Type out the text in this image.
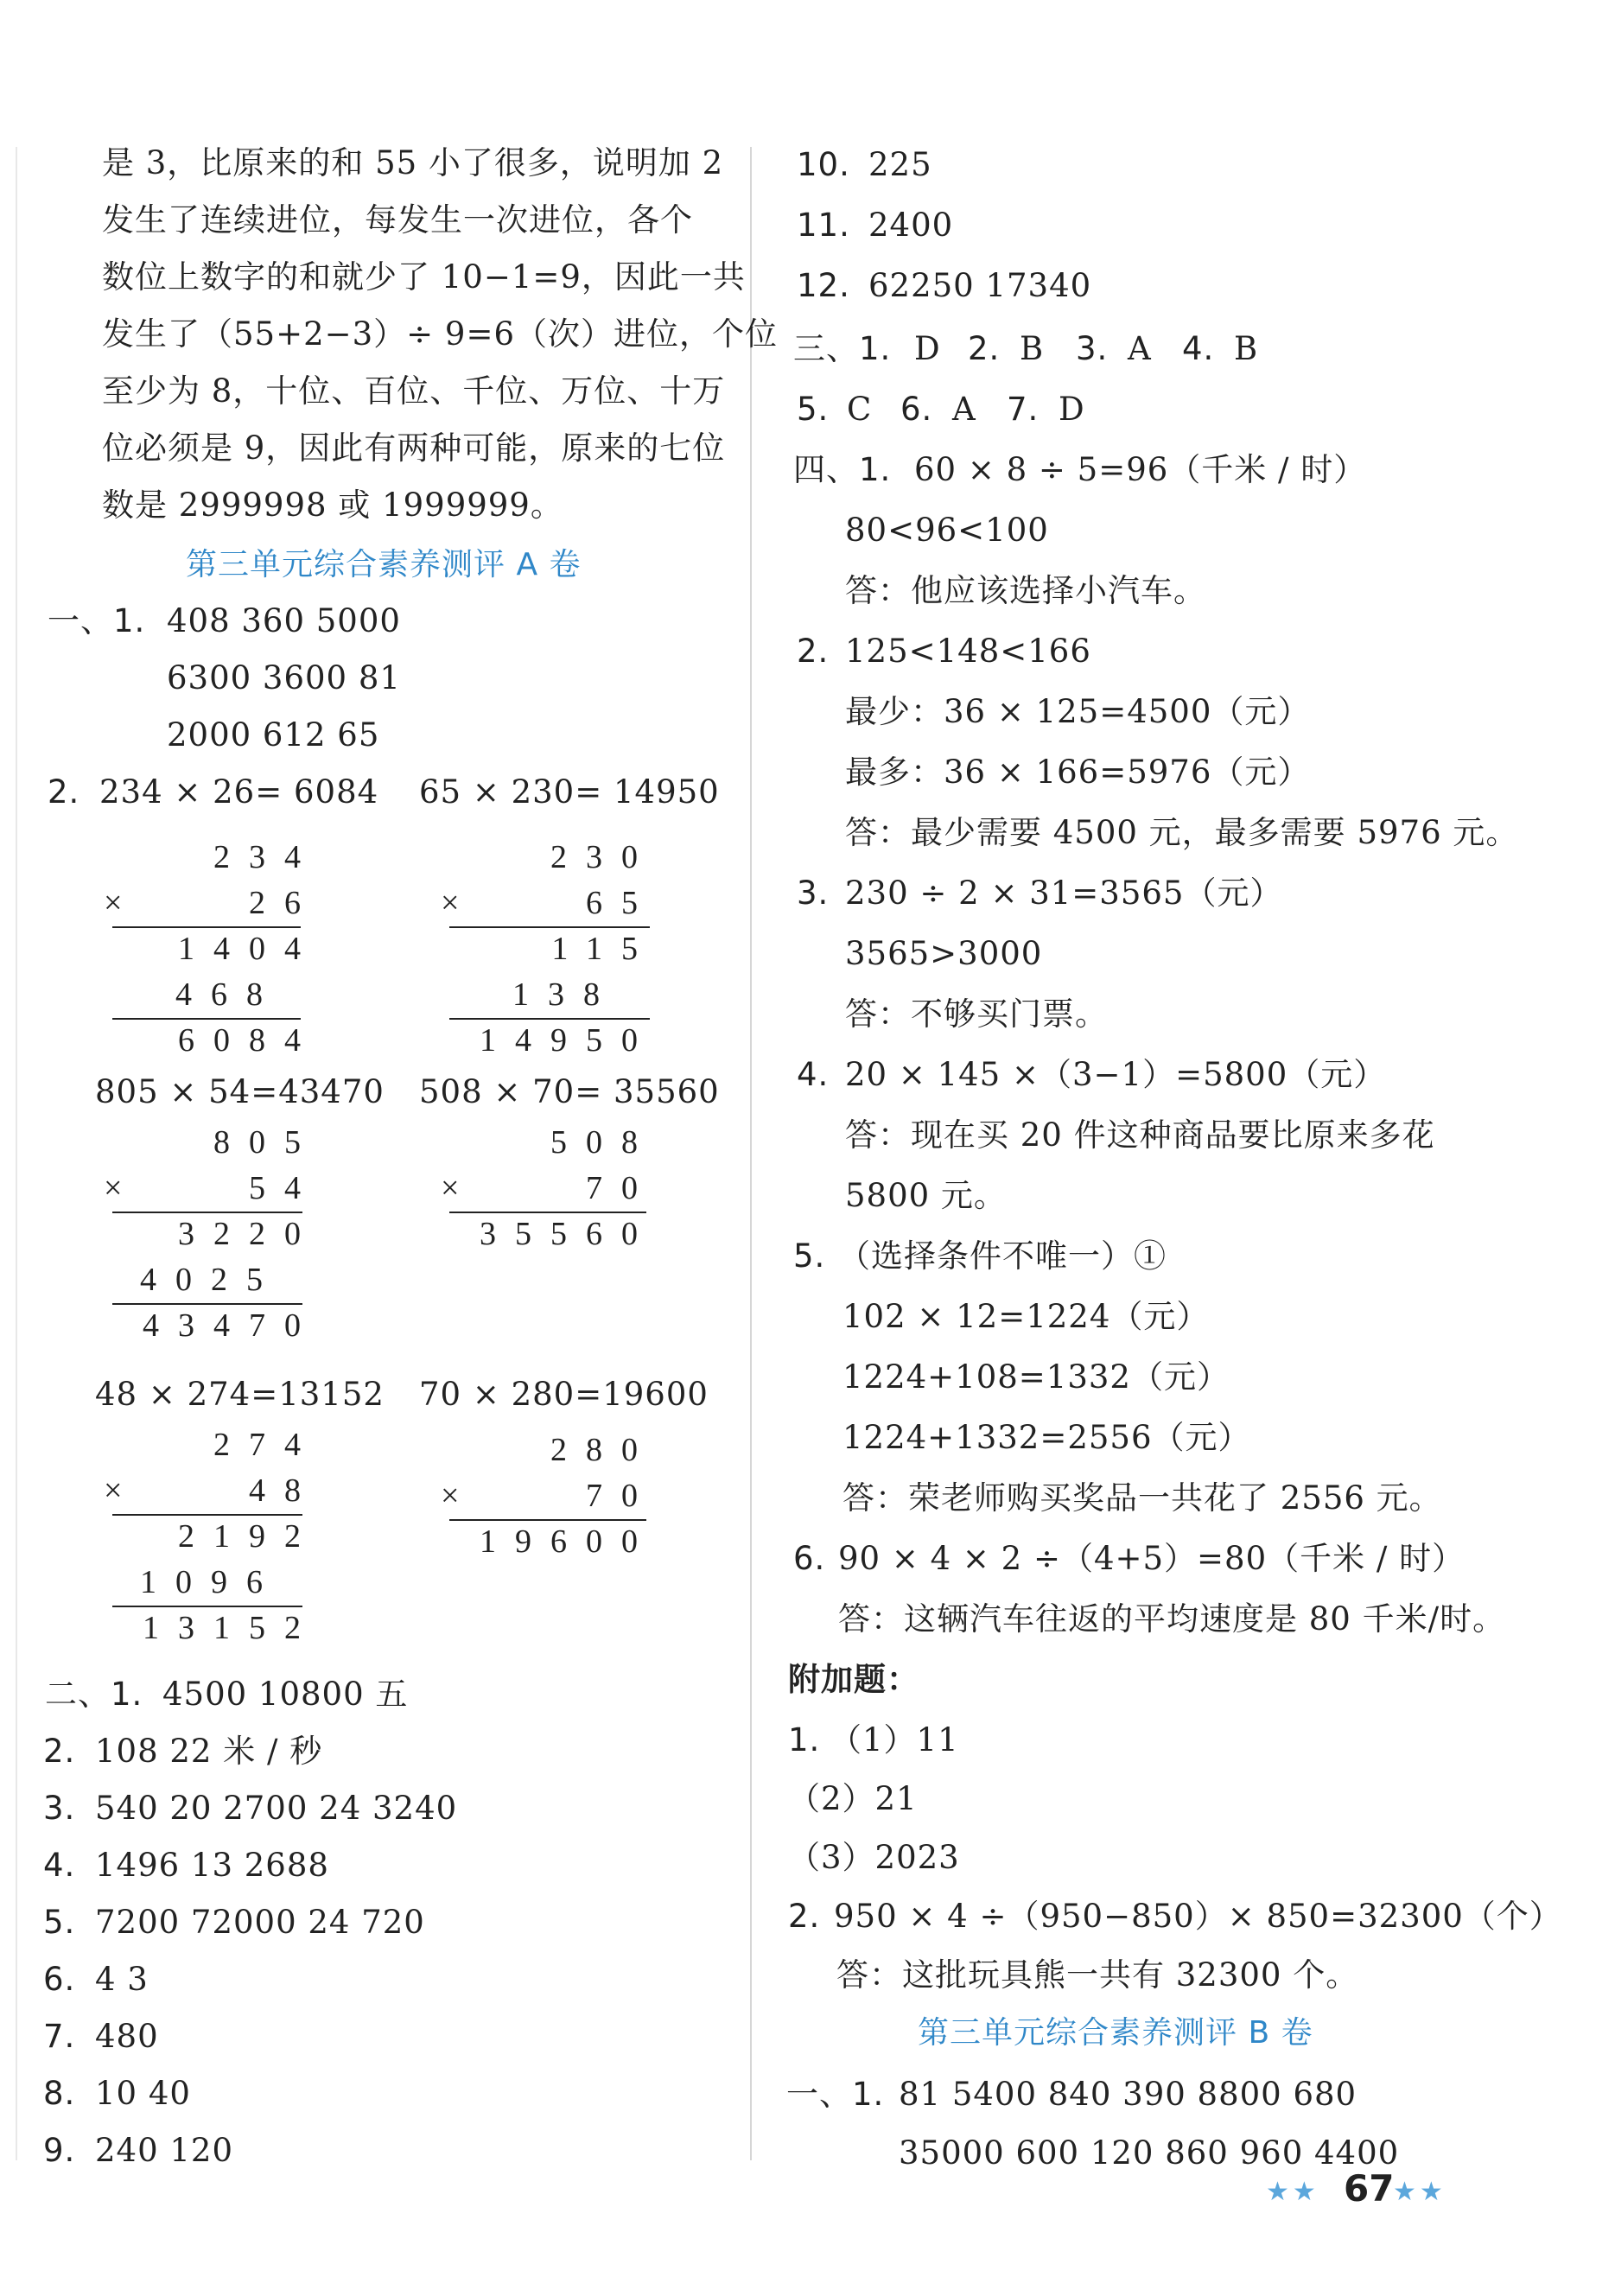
是 3，比原来的和 55 小了很多，说明加 2
发生了连续进位，每发生一次进位，各个
数位上数字的和就少了 10−1=9，因此一共
发生了（55+2−3）÷ 9=6（次）进位，个位
至少为 8，十位、百位、千位、万位、十万
位必须是 9，因此有两种可能，原来的七位
数是 2999998 或 1999999。
第三单元综合素养测评 A 卷
一、1. 408 360 5000
6300 3600 81
2000 612 65
2. 234 × 26= 6084 65 × 230= 14950
234
×	26
1404
468
6084
230
×	65
115
138
14950
805 × 54=43470 508 × 70= 35560
805
×	54
3220
4025
43470
508
×	70
35560
48 × 274=13152 70 × 280=19600
274
×	48
2192
1096
13152
280
×	70
19600
二、1. 4500 10800 五
2. 108 22 米 / 秒
3. 540 20 2700 24 3240
4. 1496 13 2688
5. 7200 72000 24 720
6. 4 3
7. 480
8. 10 40
9. 240 120
10. 225
11. 2400
12. 62250 17340
三、1. D 2. B 3. A 4. B
5. C 6. A 7. D
四、1. 60 × 8 ÷ 5=96（千米 / 时）
80<96<100
答：他应该选择小汽车。
2. 125<148<166
最少：36 × 125=4500（元）
最多：36 × 166=5976（元）
答：最少需要 4500 元，最多需要 5976 元。
3. 230 ÷ 2 × 31=3565（元）
3565>3000
答：不够买门票。
4. 20 × 145 ×（3−1）=5800（元）
答：现在买 20 件这种商品要比原来多花
5800 元。
5. （选择条件不唯一）①
102 × 12=1224（元）
1224+108=1332（元）
1224+1332=2556（元）
答：荣老师购买奖品一共花了 2556 元。
6. 90 × 4 × 2 ÷（4+5）=80（千米 / 时）
答：这辆汽车往返的平均速度是 80 千米/时。
附加题：
1. （1）11
（2）21
（3）2023
2. 950 × 4 ÷（950−850）× 850=32300（个）
答：这批玩具熊一共有 32300 个。
第三单元综合素养测评 B 卷
一、1. 81 5400 840 390 8800 680
35000 600 120 860 960 4400
★★ 67
★★
